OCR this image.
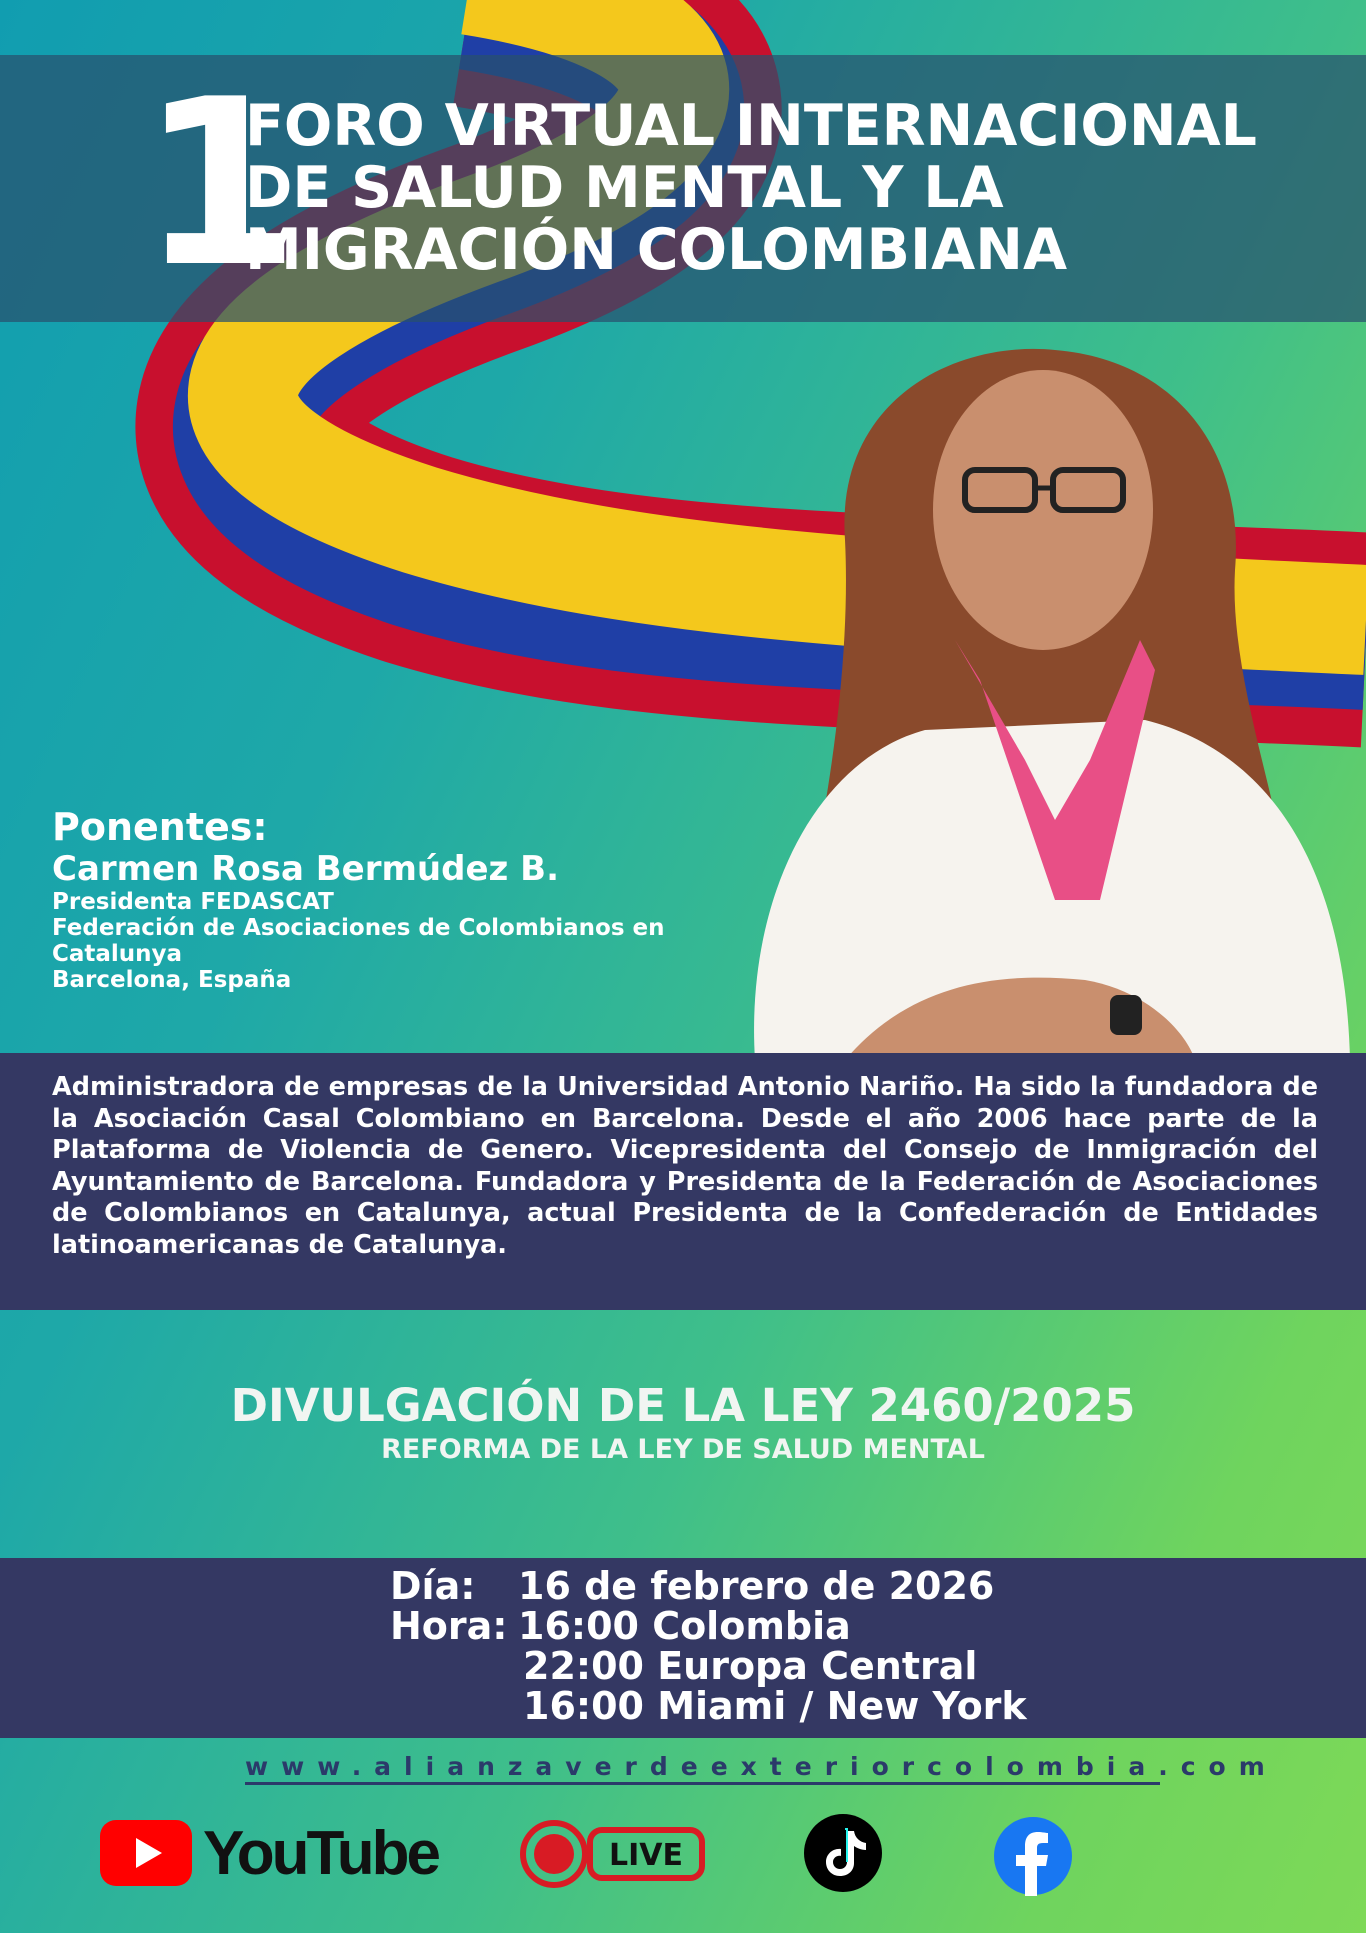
1
FORO VIRTUAL INTERNACIONAL
DE SALUD MENTAL Y LA
MIGRACIÓN COLOMBIANA
Ponentes:
Carmen Rosa Bermúdez B.
Presidenta FEDASCAT
Federación de Asociaciones de Colombianos en
Catalunya
Barcelona, España
Administradora de empresas de la Universidad Antonio Nariño. Ha sido la fundadora de la Asociación Casal Colombiano en Barcelona. Desde el año 2006 hace parte de la Plataforma de Violencia de Genero. Vicepresidenta del Consejo de Inmigración del Ayuntamiento de Barcelona. Fundadora y Presidenta de la Federación de Asociaciones de Colombianos en Catalunya, actual Presidenta de la Confederación de Entidades latinoamericanas de Catalunya.
DIVULGACIÓN DE LA LEY 2460/2025
REFORMA DE LA LEY DE SALUD MENTAL
Día: 16 de febrero de 2026
Hora: 16:00 Colombia
22:00 Europa Central
16:00 Miami / New York
www.alianzaverdeexteriorcolombia.com
YouTube	LIVE
